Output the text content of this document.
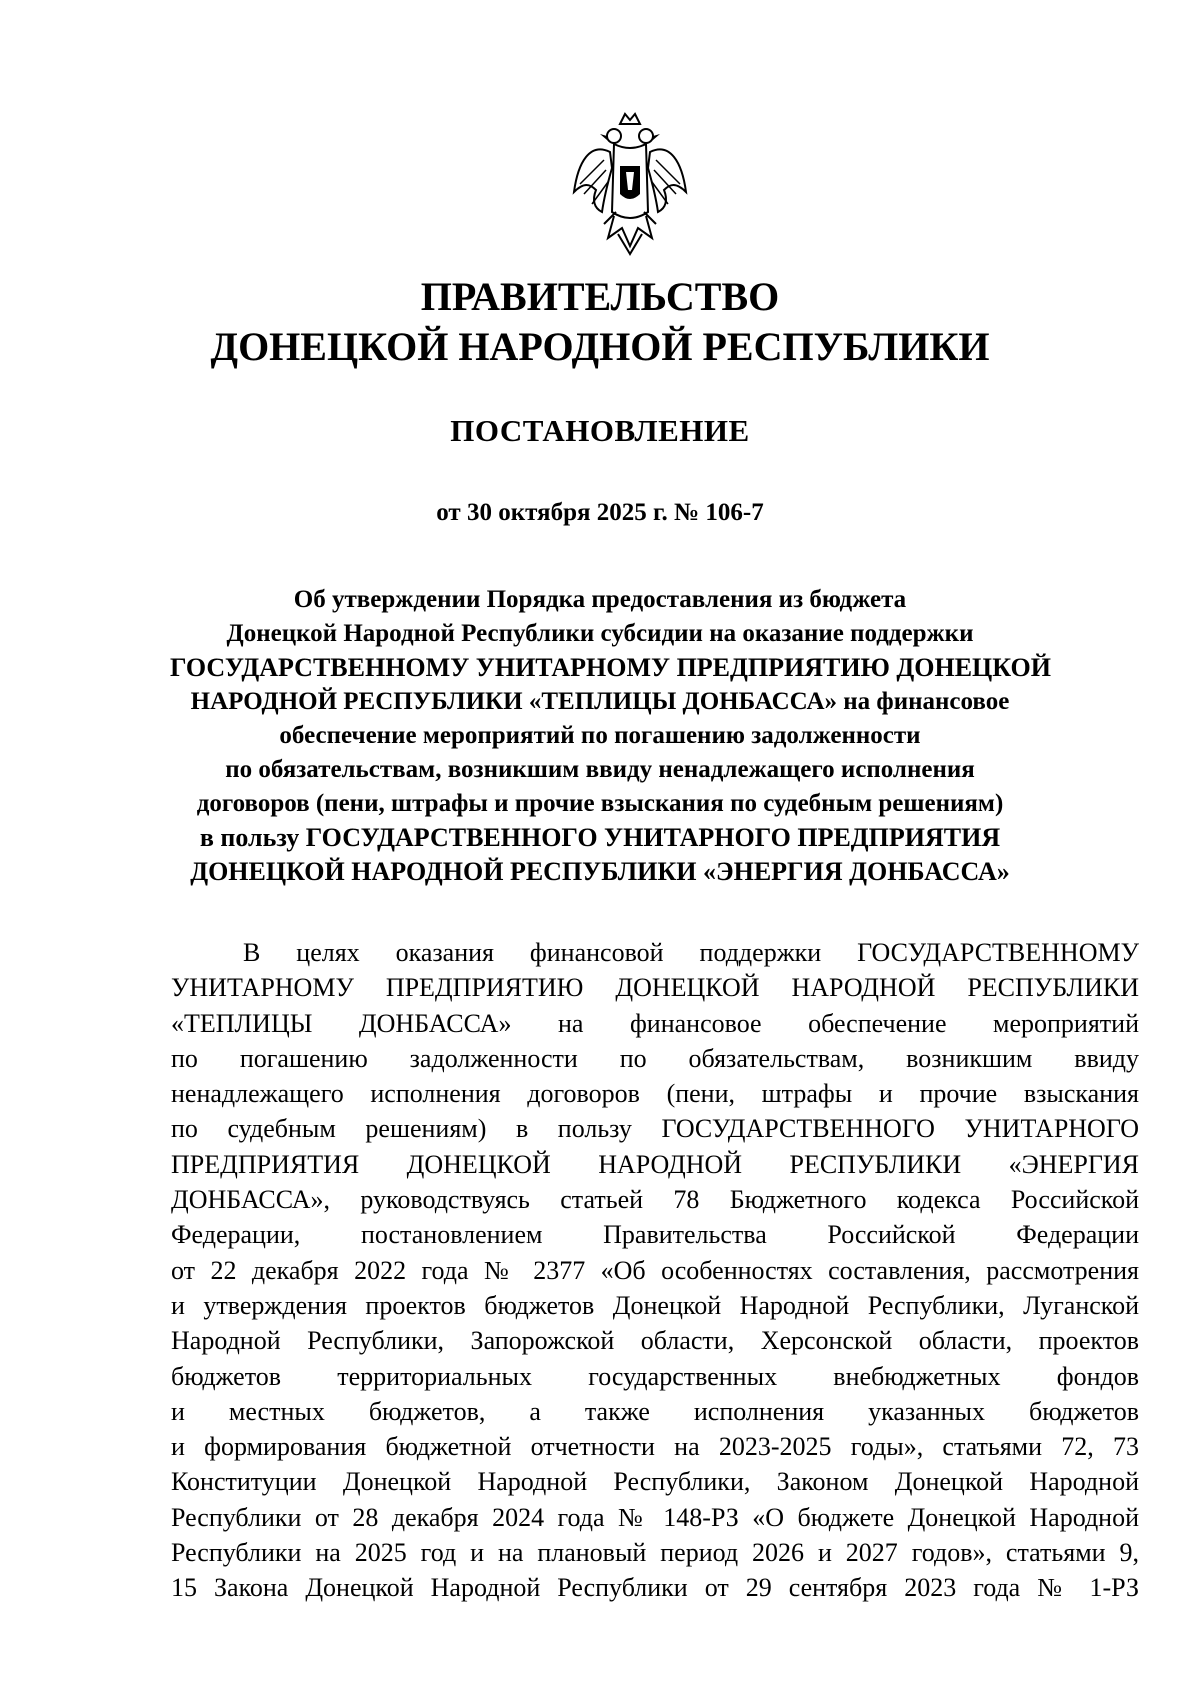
ПРАВИТЕЛЬСТВО
ДОНЕЦКОЙ НАРОДНОЙ РЕСПУБЛИКИ
ПОСТАНОВЛЕНИЕ
от 30 октября 2025 г. № 106-7
Об утверждении Порядка предоставления из бюджета
Донецкой Народной Республики субсидии на оказание поддержки
ГОСУДАРСТВЕННОМУ УНИТАРНОМУ ПРЕДПРИЯТИЮ ДОНЕЦКОЙ
НАРОДНОЙ РЕСПУБЛИКИ «ТЕПЛИЦЫ ДОНБАССА» на финансовое
обеспечение мероприятий по погашению задолженности
по обязательствам, возникшим ввиду ненадлежащего исполнения
договоров (пени, штрафы и прочие взыскания по судебным решениям)
в пользу ГОСУДАРСТВЕННОГО УНИТАРНОГО ПРЕДПРИЯТИЯ
ДОНЕЦКОЙ НАРОДНОЙ РЕСПУБЛИКИ «ЭНЕРГИЯ ДОНБАССА»
В целях оказания финансовой поддержки ГОСУДАРСТВЕННОМУ
УНИТАРНОМУ ПРЕДПРИЯТИЮ ДОНЕЦКОЙ НАРОДНОЙ РЕСПУБЛИКИ
«ТЕПЛИЦЫ ДОНБАССА» на финансовое обеспечение мероприятий
по погашению задолженности по обязательствам, возникшим ввиду
ненадлежащего исполнения договоров (пени, штрафы и прочие взыскания
по судебным решениям) в пользу ГОСУДАРСТВЕННОГО УНИТАРНОГО
ПРЕДПРИЯТИЯ ДОНЕЦКОЙ НАРОДНОЙ РЕСПУБЛИКИ «ЭНЕРГИЯ
ДОНБАССА», руководствуясь статьей 78 Бюджетного кодекса Российской
Федерации, постановлением Правительства Российской Федерации
от 22 декабря 2022 года № 2377 «Об особенностях составления, рассмотрения
и утверждения проектов бюджетов Донецкой Народной Республики, Луганской
Народной Республики, Запорожской области, Херсонской области, проектов
бюджетов территориальных государственных внебюджетных фондов
и местных бюджетов, а также исполнения указанных бюджетов
и формирования бюджетной отчетности на 2023-2025 годы», статьями 72, 73
Конституции Донецкой Народной Республики, Законом Донецкой Народной
Республики от 28 декабря 2024 года № 148-РЗ «О бюджете Донецкой Народной
Республики на 2025 год и на плановый период 2026 и 2027 годов», статьями 9,
15 Закона Донецкой Народной Республики от 29 сентября 2023 года № 1-РЗ
